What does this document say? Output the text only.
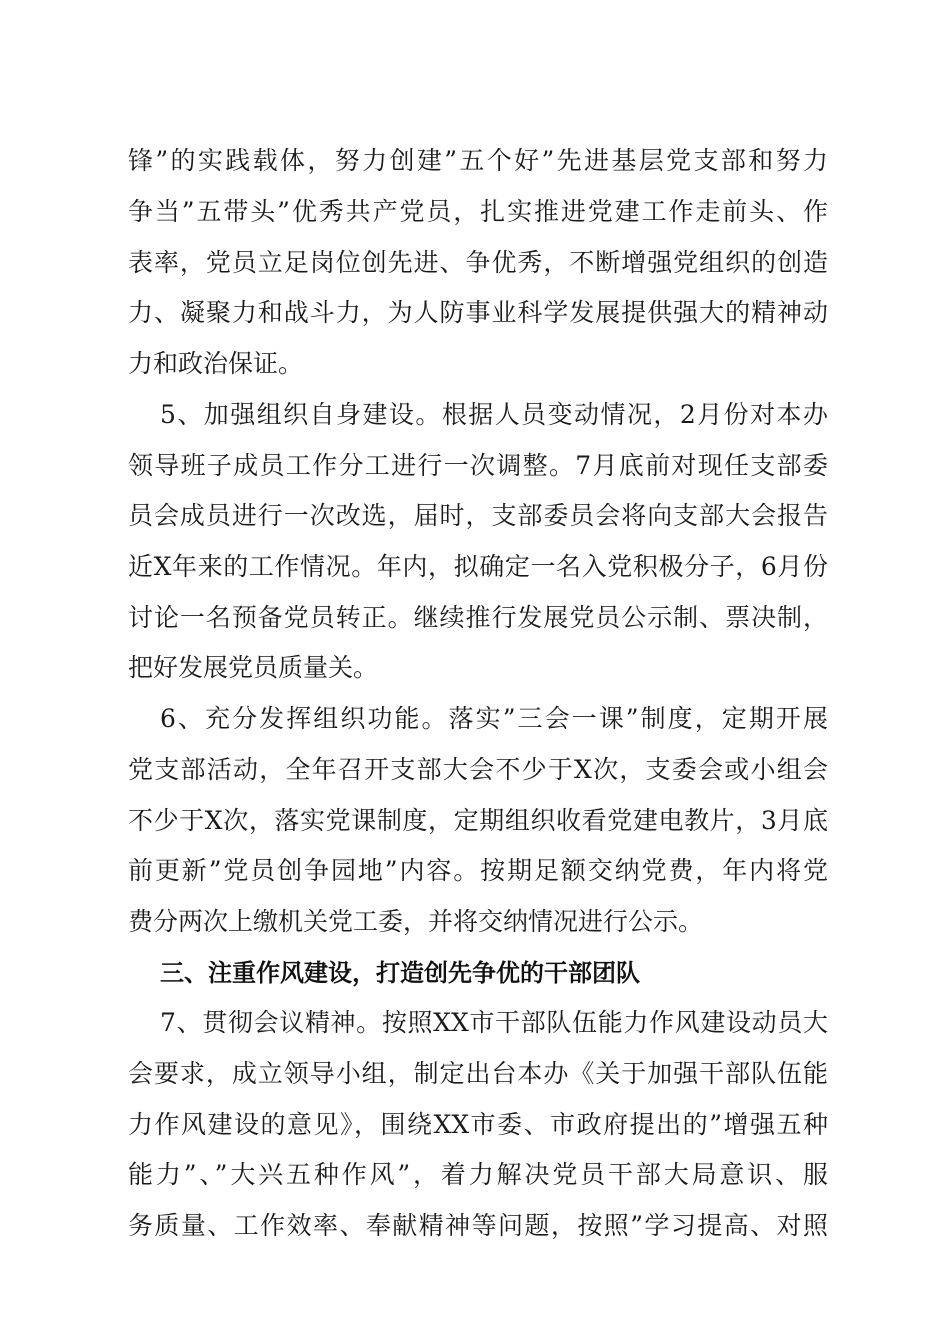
锋”的实践载体，努力创建”五个好”先进基层党支部和努力
争当”五带头”优秀共产党员，扎实推进党建工作走前头、作
表率，党员立足岗位创先进、争优秀，不断增强党组织的创造
力、凝聚力和战斗力，为人防事业科学发展提供强大的精神动
力和政治保证。
5、加强组织自身建设。根据人员变动情况，2月份对本办
领导班子成员工作分工进行一次调整。7月底前对现任支部委
员会成员进行一次改选，届时，支部委员会将向支部大会报告
近X年来的工作情况。年内，拟确定一名入党积极分子，6月份
讨论一名预备党员转正。继续推行发展党员公示制、票决制，
把好发展党员质量关。
6、充分发挥组织功能。落实”三会一课”制度，定期开展
党支部活动，全年召开支部大会不少于X次，支委会或小组会
不少于X次，落实党课制度，定期组织收看党建电教片，3月底
前更新”党员创争园地”内容。按期足额交纳党费，年内将党
费分两次上缴机关党工委，并将交纳情况进行公示。
三、注重作风建设，打造创先争优的干部团队
7、贯彻会议精神。按照XX市干部队伍能力作风建设动员大
会要求，成立领导小组，制定出台本办《关于加强干部队伍能
力作风建设的意见》，围绕XX市委、市政府提出的”增强五种
能力”、”大兴五种作风”，着力解决党员干部大局意识、服
务质量、工作效率、奉献精神等问题，按照”学习提高、对照
